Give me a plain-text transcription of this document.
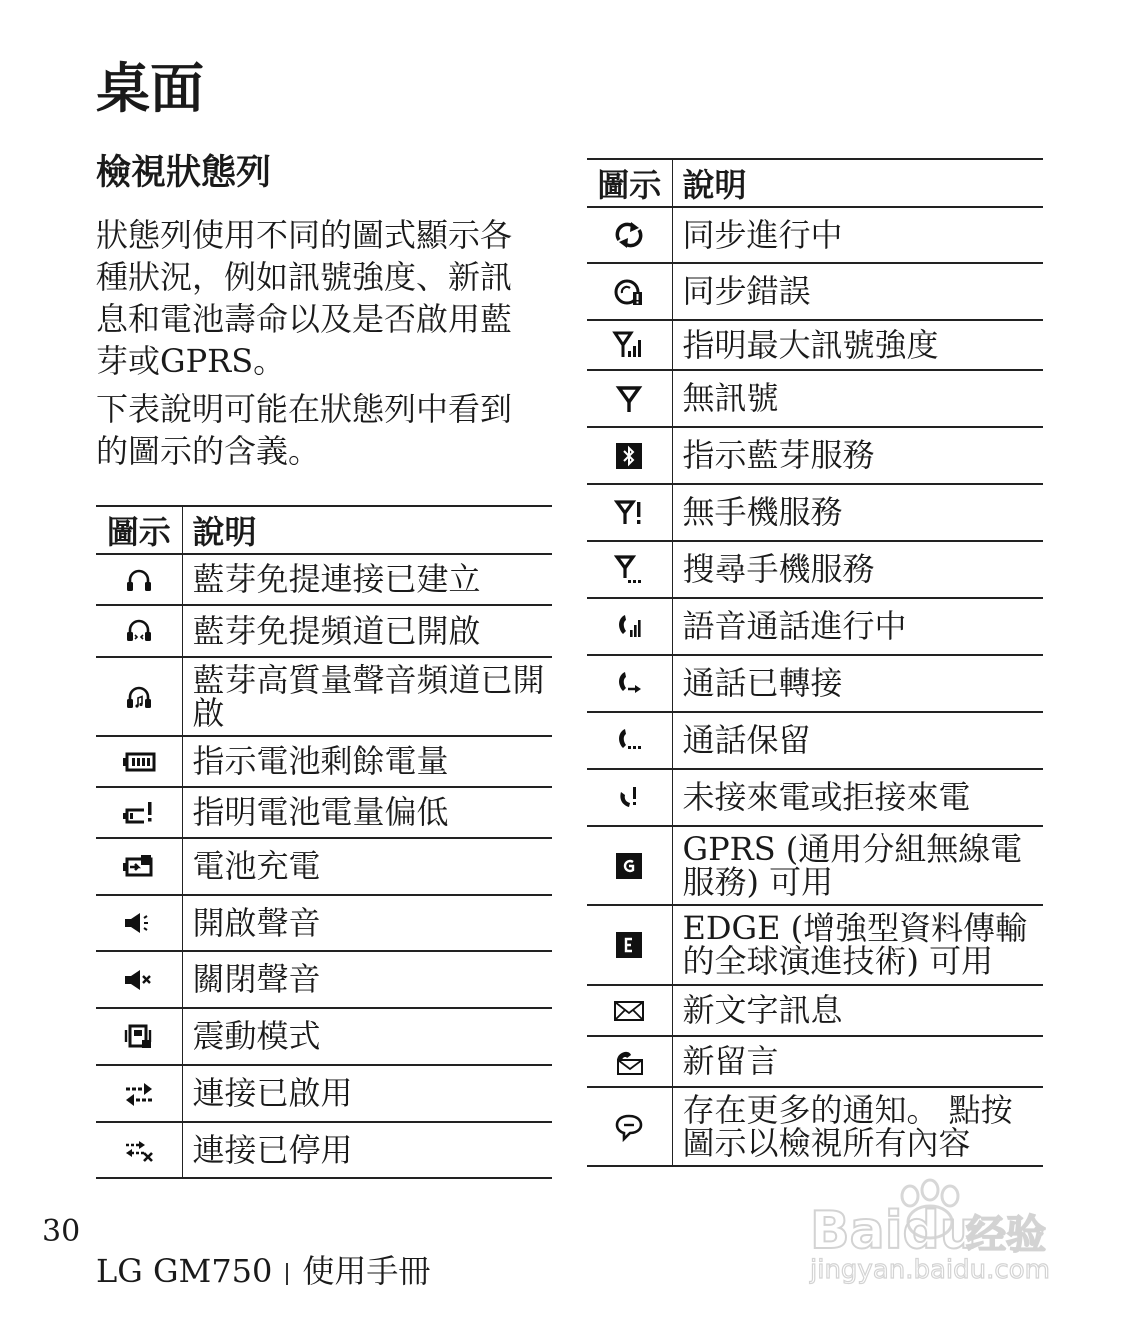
桌面
檢視狀態列
狀態列使用不同的圖式顯示各種狀況，例如訊號強度、新訊息和電池壽命以及是否啟用藍芽或GPRS。
下表說明可能在狀態列中看到的圖示的含義。
圖示	說明

	藍芽免提連接已建立

	藍芽免提頻道已開啟

	藍芽高質量聲音頻道已開啟

	指示電池剩餘電量

	指明電池電量偏低

	電池充電

	開啟聲音

	關閉聲音

	震動模式

	連接已啟用

	連接已停用
圖示	說明

	同步進行中

	同步錯誤

	指明最大訊號強度

	無訊號

	指示藍芽服務

	無手機服務

	搜尋手機服務

	語音通話進行中

	通話已轉接

	通話保留

	未接來電或拒接來電

	GPRS (通用分組無線電服務) 可用

	EDGE (增強型資料傳輸的全球演進技術) 可用

	新文字訊息

	新留言

	存在更多的通知。 點按圖示以檢視所有內容
30
LG GM750 使用手冊
Baidu
经验
jingyan.baidu.com
